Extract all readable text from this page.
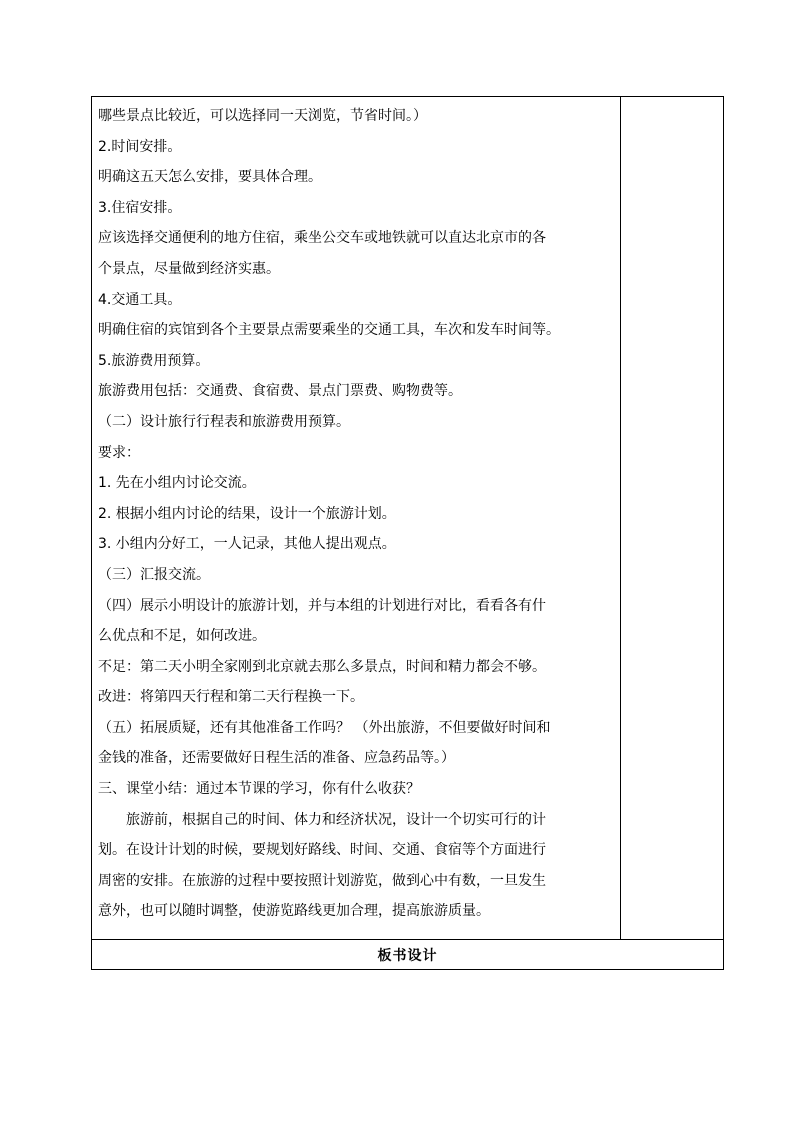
哪些景点比较近，可以选择同一天浏览，节省时间。）
2.时间安排。
明确这五天怎么安排，要具体合理。
3.住宿安排。
应该选择交通便利的地方住宿，乘坐公交车或地铁就可以直达北京市的各
个景点，尽量做到经济实惠。
4.交通工具。
明确住宿的宾馆到各个主要景点需要乘坐的交通工具，车次和发车时间等。
5.旅游费用预算。
旅游费用包括：交通费、食宿费、景点门票费、购物费等。
（二）设计旅行行程表和旅游费用预算。
要求：
1. 先在小组内讨论交流。
2. 根据小组内讨论的结果，设计一个旅游计划。
3. 小组内分好工，一人记录，其他人提出观点。
（三）汇报交流。
（四）展示小明设计的旅游计划，并与本组的计划进行对比，看看各有什
么优点和不足，如何改进。
不足：第二天小明全家刚到北京就去那么多景点，时间和精力都会不够。
改进：将第四天行程和第二天行程换一下。
（五）拓展质疑，还有其他准备工作吗？ （外出旅游，不但要做好时间和
金钱的准备，还需要做好日程生活的准备、应急药品等。）
三、课堂小结：通过本节课的学习，你有什么收获？
旅游前，根据自己的时间、体力和经济状况，设计一个切实可行的计
划。在设计计划的时候，要规划好路线、时间、交通、食宿等个方面进行
周密的安排。在旅游的过程中要按照计划游览，做到心中有数，一旦发生
意外，也可以随时调整，使游览路线更加合理，提高旅游质量。
板书设计
